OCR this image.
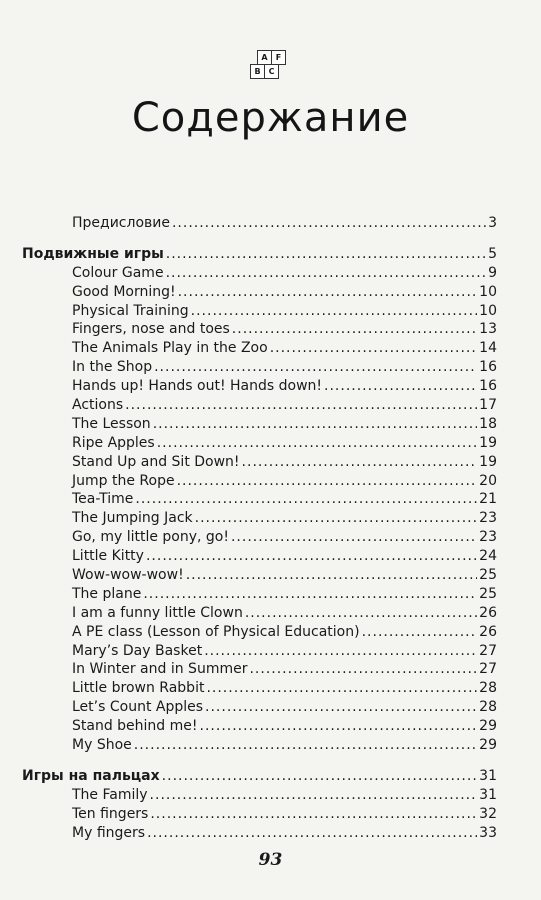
A
B	C
F
Содержание
Предисловие .....	3
Подвижные игры .....	5
Colour Game .....	9
Good Morning! .....	10
Physical Training .....	10
Fingers, nose and toes .....	13
The Animals Play in the Zoo .....	14
In the Shop .....	16
Hands up! Hands out! Hands down! .....	16
Actions .....	17
The Lesson .....	18
Ripe Apples .....	19
Stand Up and Sit Down! .....	19
Jump the Rope .....	20
Tea-Time .....	21
The Jumping Jack .....	23
Go, my little pony, go! .....	23
Little Kitty .....	24
Wow-wow-wow! .....	25
The plane .....	25
I am a funny little Clown .....	26
A PE class (Lesson of Physical Education) .....	26
Mary’s Day Basket .....	27
In Winter and in Summer .....	27
Little brown Rabbit .....	28
Let’s Count Apples .....	28
Stand behind me! .....	29
My Shoe .....	29
Игры на пальцах .....	31
The Family .....	31
Ten fingers .....	32
My fingers .....	33
93
